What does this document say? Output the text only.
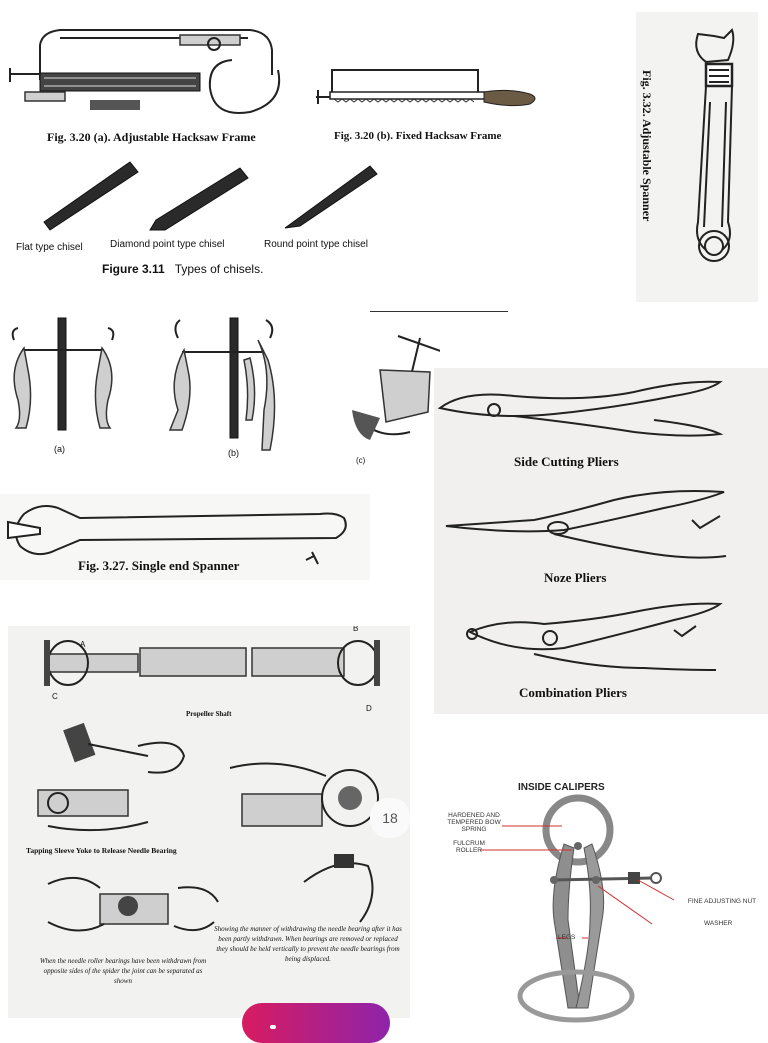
Fig. 3.20 (a). Adjustable Hacksaw Frame	Fig. 3.20 (b). Fixed Hacksaw Frame
Flat type chisel	Diamond point type chisel	Round point type chisel
Figure 3.11 Types of chisels.
Fig. 3.32. Adjustable Spanner
(a)	(b)
(c)	Side Cutting Pliers
Noze Pliers
Combination Pliers
Fig. 3.27. Single end Spanner
A
B
C
D
Propeller Shaft
Tapping Sleeve Yoke to Release Needle Bearing
Showing the manner of withdrawing the needle bearing after it has been partly withdrawn. When bearings are removed or replaced they should be held vertically to prevent the needle bearings from being displaced.
When the needle roller bearings have been withdrawn from opposite sides of the spider the joint can be separated as shown
18
INSIDE CALIPERS
HARDENED AND TEMPERED BOW SPRING
FULCRUM ROLLER
FINE ADJUSTING NUT
WASHER
LEGS
